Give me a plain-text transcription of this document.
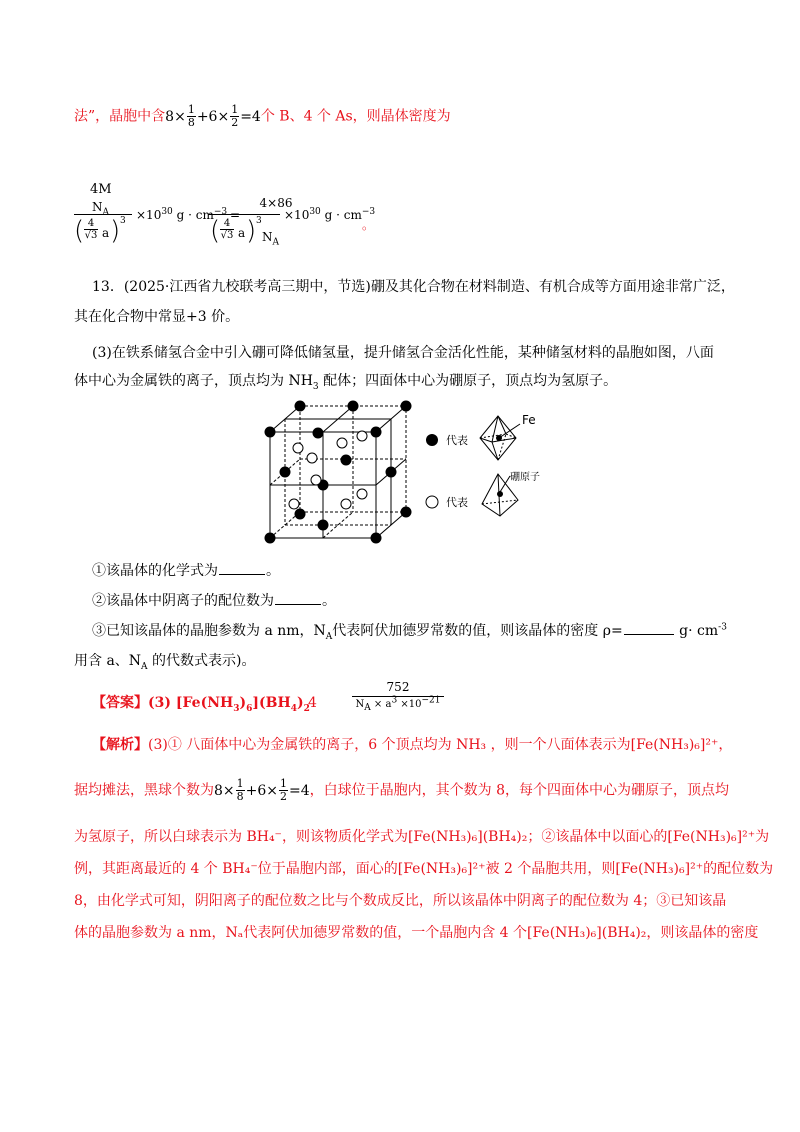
法”，晶胞中含$8\times \frac{1}{8} +6\times \frac{1}{2} =4$个 B、4 个 As，则晶体密度为
4M
$N_A$
( 4
√3 a ) $3 \times 10^{30}$ $g \cdot cm^{-3}$ =
4×86
( 4
√3 a ) 3
$N_A$
$\times 10^{30}$ $g \cdot cm^{-3}$
。
13．(2025·江西省九校联考高三期中，节选)硼及其化合物在材料制造、有机合成等方面用途非常广泛，
其在化合物中常显+3 价。
(3)在铁系储氢合金中引入硼可降低储氢量，提升储氢合金活化性能，某种储氢材料的晶胞如图，八面
体中心为金属铁的离子，顶点均为 $NH_3$ 配体；四面体中心为硼原子，顶点均为氢原子。
代表
代表
Fe
硼原子
①该晶体的化学式为	。
②该晶体中阴离子的配位数为	。
③已知该晶体的晶胞参数为 a nm，$N_A$代表阿伏加德罗常数的值，则该晶体的密度 ρ=	$g\cdot cm^{-3}$
用含 a、$N_A$ 的代数式表示)。
【答案】(3) $[Fe(NH_3)_6](BH_4)_2$
4
752
$N_A \times a^3 \times 10^{-21}$
【解析】(3)① 八面体中心为金属铁的离子，6 个顶点均为 NH₃ ，则一个八面体表示为[Fe(NH₃)₆]²⁺，
据均摊法，黑球个数为$8\times \frac{1}{8} +6\times \frac{1}{2} =4$，白球位于晶胞内，其个数为 8，每个四面体中心为硼原子，顶点均
为氢原子，所以白球表示为 BH₄⁻，则该物质化学式为[Fe(NH₃)₆](BH₄)₂；②该晶体中以面心的[Fe(NH₃)₆]²⁺为
例，其距离最近的 4 个 BH₄⁻位于晶胞内部，面心的[Fe(NH₃)₆]²⁺被 2 个晶胞共用，则[Fe(NH₃)₆]²⁺的配位数为
8，由化学式可知，阴阳离子的配位数之比与个数成反比，所以该晶体中阴离子的配位数为 4；③已知该晶
体的晶胞参数为 a nm，Nₐ代表阿伏加德罗常数的值，一个晶胞内含 4 个[Fe(NH₃)₆](BH₄)₂，则该晶体的密度
